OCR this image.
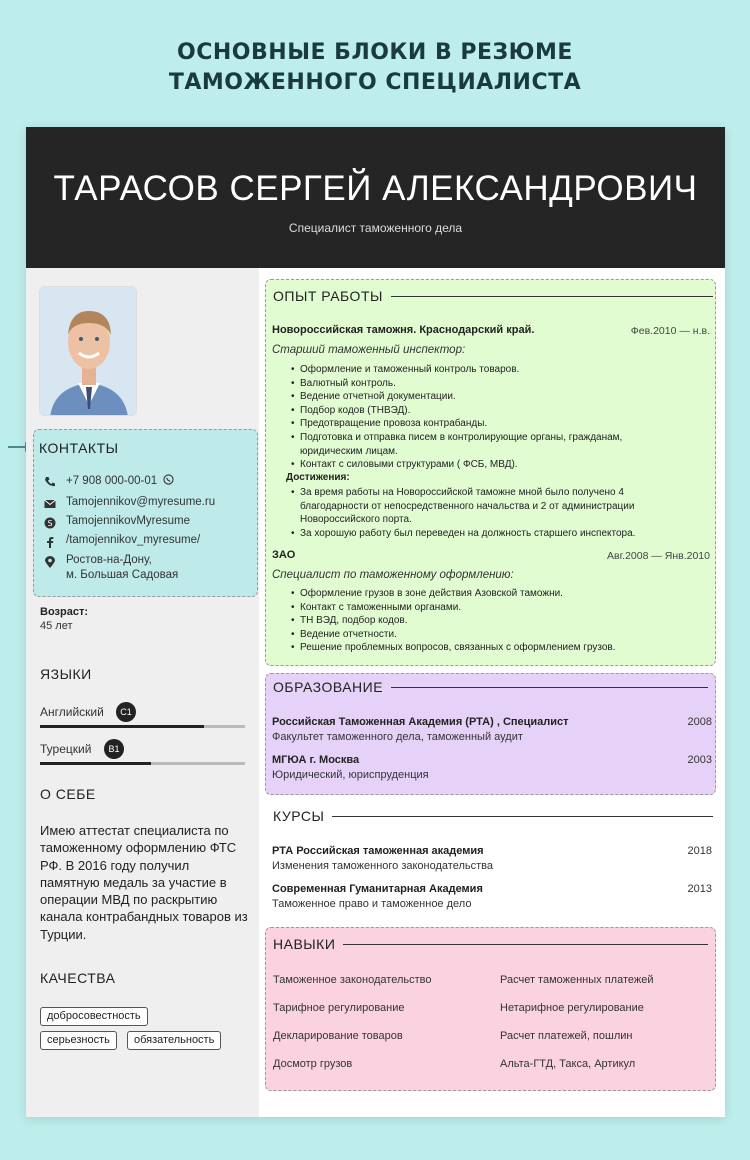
ОСНОВНЫЕ БЛОКИ В РЕЗЮМЕ
ТАМОЖЕННОГО СПЕЦИАЛИСТА
ТАРАСОВ СЕРГЕЙ АЛЕКСАНДРОВИЧ
Специалист таможенного дела
КОНТАКТЫ
+7 908 000-00-01
Tamojennikov@myresume.ru
S TamojennikovMyresume
/tamojennikov_myresume/
Ростов-на-Дону,
м. Большая Садовая
Возраст:
45 лет
ЯЗЫКИ
Английский	C1
Турецкий	B1
О СЕБЕ
Имею аттестат специалиста по таможенному оформлению ФТС РФ. В 2016 году получил памятную медаль за участие в операции МВД по раскрытию канала контрабандных товаров из Турции.
КАЧЕСТВА
добросовестность
серьезность	обязательность
ОПЫТ РАБОТЫ
Новороссийская таможня. Краснодарский край.	Фев.2010 — н.в.
Старший таможенный инспектор:
• Оформление и таможенный контроль товаров.
• Валютный контроль.
• Ведение отчетной документации.
• Подбор кодов (ТНВЭД).
• Предотвращение провоза контрабанды.
• Подготовка и отправка писем в контролирующие органы, гражданам,
юридическим лицам.
• Контакт с силовыми структурами ( ФСБ, МВД).
Достижения:
• За время работы на Новороссийской таможне мной было получено 4
благодарности от непосредственного начальства и 2 от администрации
Новороссийского порта.
• За хорошую работу был переведен на должность старшего инспектора.
ЗАО	Авг.2008 — Янв.2010
Специалист по таможенному оформлению:
• Оформление грузов в зоне действия Азовской таможни.
• Контакт с таможенными органами.
• ТН ВЭД, подбор кодов.
• Ведение отчетности.
• Решение проблемных вопросов, связанных с оформлением грузов.
ОБРАЗОВАНИЕ
Российская Таможенная Академия (РТА) , Специалист	2008
Факультет таможенного дела, таможенный аудит
МГЮА г. Москва	2003
Юридический, юриспруденция
КУРСЫ
РТА Российская таможенная академия	2018
Изменения таможенного законодательства
Современная Гуманитарная Академия	2013
Таможенное право и таможенное дело
НАВЫКИ
Таможенное законодательство	Расчет таможенных платежей
Тарифное регулирование	Нетарифное регулирование
Декларирование товаров	Расчет платежей, пошлин
Досмотр грузов	Альта-ГТД, Такса, Артикул
